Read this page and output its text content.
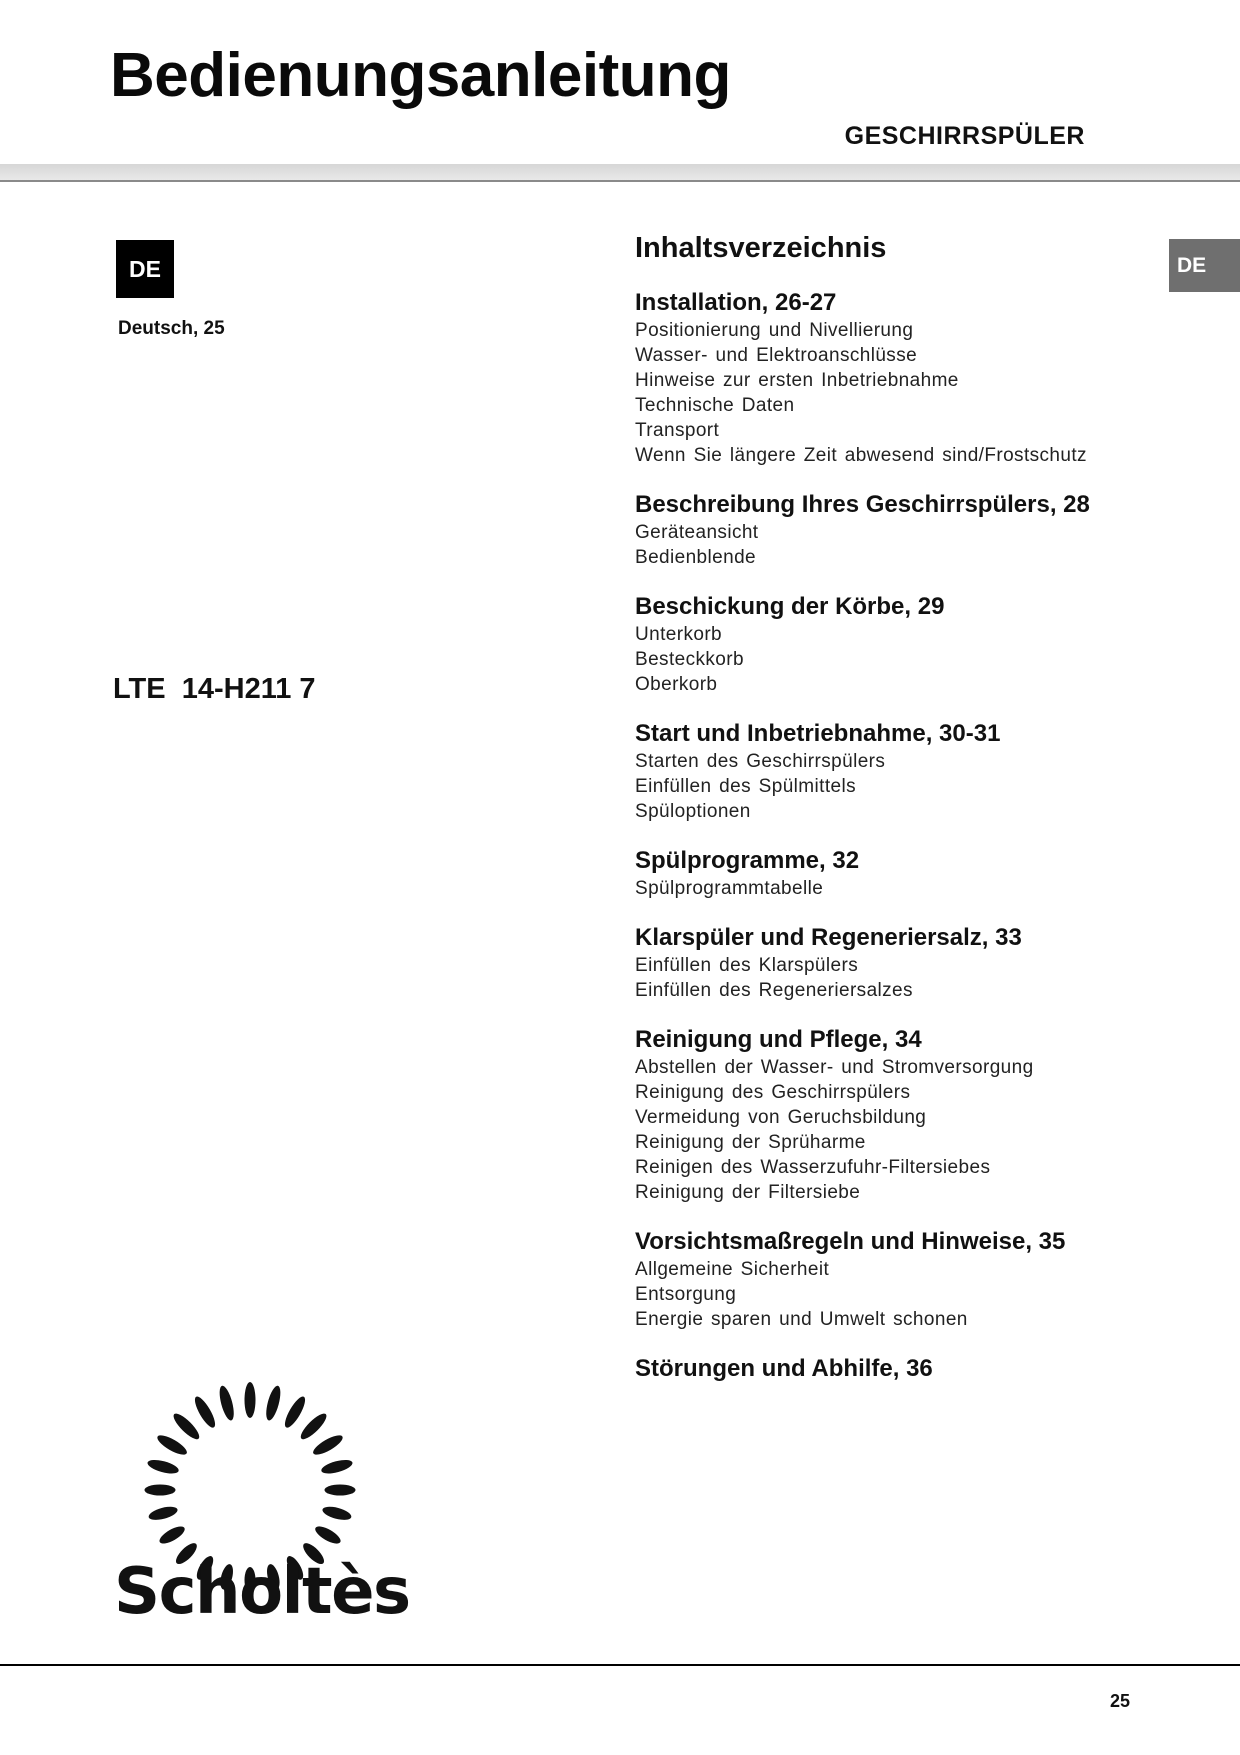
Bedienungsanleitung
GESCHIRRSPÜLER
DE
Deutsch, 25
LTE  14-H211 7
DE
Inhaltsverzeichnis
Installation, 26-27
Positionierung und Nivellierung
Wasser- und Elektroanschlüsse
Hinweise zur ersten Inbetriebnahme
Technische Daten
Transport
Wenn Sie längere Zeit abwesend sind/Frostschutz
Beschreibung Ihres Geschirrspülers, 28
Geräteansicht
Bedienblende
Beschickung der Körbe, 29
Unterkorb
Besteckkorb
Oberkorb
Start und Inbetriebnahme, 30-31
Starten des Geschirrspülers
Einfüllen des Spülmittels
Spüloptionen
Spülprogramme, 32
Spülprogrammtabelle
Klarspüler und Regeneriersalz, 33
Einfüllen des Klarspülers
Einfüllen des Regeneriersalzes
Reinigung und Pflege, 34
Abstellen der Wasser- und Stromversorgung
Reinigung des Geschirrspülers
Vermeidung von Geruchsbildung
Reinigung der Sprüharme
Reinigen des Wasserzufuhr-Filtersiebes
Reinigung der Filtersiebe
Vorsichtsmaßregeln und Hinweise, 35
Allgemeine Sicherheit
Entsorgung
Energie sparen und Umwelt schonen
Störungen und Abhilfe, 36
Scholtès
25
